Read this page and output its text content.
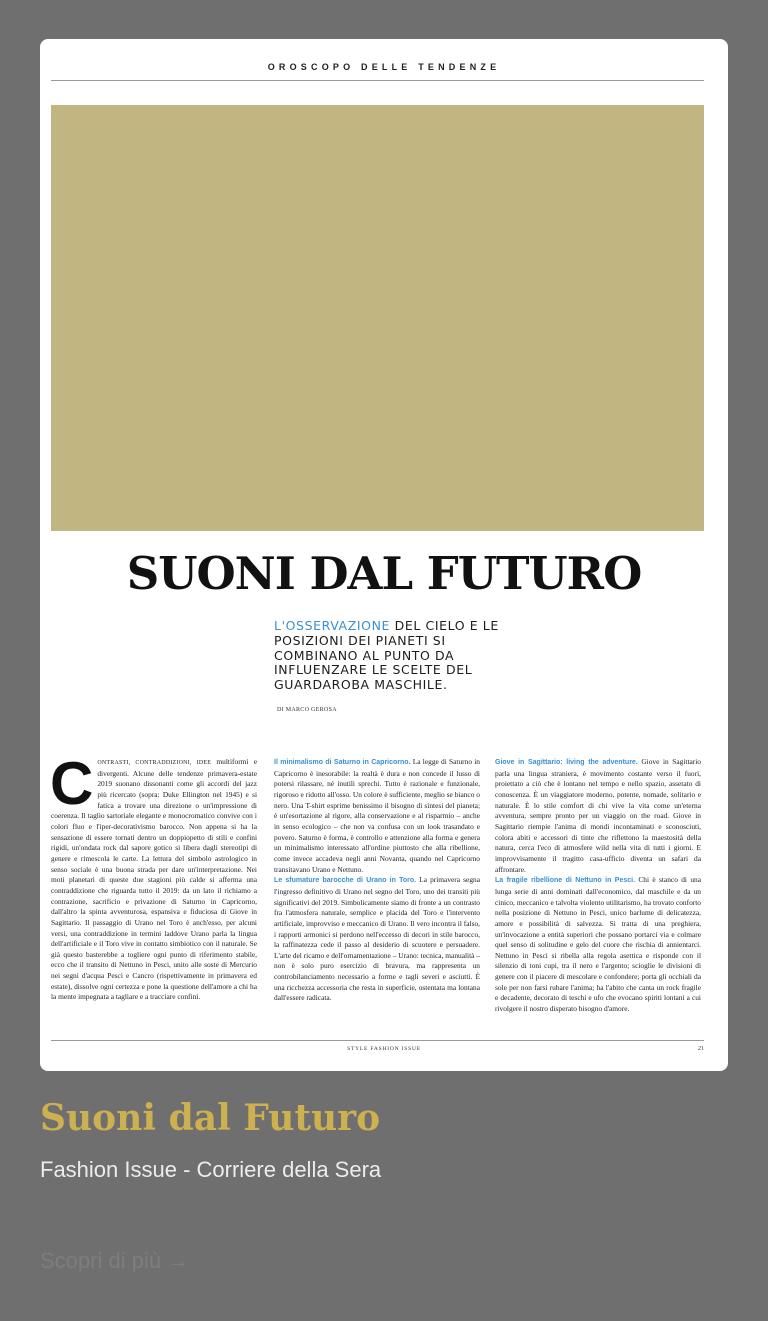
OROSCOPO DELLE TENDENZE
SUONI DAL FUTURO
L'OSSERVAZIONE DEL CIELO E LE POSIZIONI DEI PIANETI SI COMBINANO AL PUNTO DA INFLUENZARE LE SCELTE DEL GUARDAROBA MASCHILE.
DI MARCO GEROSA

CONTRASTI, CONTRADDIZIONI, IDEE multiformi e divergenti. Alcune delle tendenze primavera-estate 2019 suonano dissonanti come gli accordi del jazz più ricercato (sopra: Duke Ellington nel 1945) e si fatica a trovare una direzione o un'impressione di coerenza. Il taglio sartoriale elegante e monocromatico convive con i colori fluo e l'iper-decorativismo barocco. Non appena si ha la sensazione di essere tornati dentro un doppiopetto di stili e confini rigidi, un'ondata rock dal sapore gotico si libera dagli stereotipi di genere e rimescola le carte. La lettura del simbolo astrologico in senso sociale è una buona strada per dare un'interpretazione. Nei moti planetari di queste due stagioni più calde si afferma una contraddizione che riguarda tutto il 2019: da un lato il richiamo a contrazione, sacrificio e privazione di Saturno in Capricorno, dall'altro la spinta avventurosa, espansiva e fiduciosa di Giove in Sagittario. Il passaggio di Urano nel Toro è anch'esso, per alcuni versi, una contraddizione in termini laddove Urano parla la lingua dell'artificiale e il Toro vive in contatto simbiotico con il naturale. Se già questo basterebbe a togliere ogni punto di riferimento stabile, ecco che il transito di Nettuno in Pesci, unito alle soste di Mercurio nei segni d'acqua Pesci e Cancro (rispettivamente in primavera ed estate), dissolve ogni certezza e pone la questione dell'amore a chi ha la mente impegnata a tagliare e a tracciare confini.

Il minimalismo di Saturno in Capricorno. La legge di Saturno in Capricorno è inesorabile: la realtà è dura e non concede il lusso di potersi rilassare, né inutili sprechi. Tutto è razionale e funzionale, rigoroso e ridotto all'osso. Un colore è sufficiente, meglio se bianco o nero. Una T-shirt esprime benissimo il bisogno di sintesi del pianeta; è un'esortazione al rigore, alla conservazione e al risparmio – anche in senso ecologico – che non va confusa con un look trasandato e povero. Saturno è forma, è controllo e attenzione alla forma e genera un minimalismo interessato all'ordine piuttosto che alla ribellione, come invece accadeva negli anni Novanta, quando nel Capricorno transitavano Urano e Nettuno.

Le sfumature barocche di Urano in Toro. La primavera segna l'ingresso definitivo di Urano nel segno del Toro, uno dei transiti più significativi del 2019. Simbolicamente siamo di fronte a un contrasto fra l'atmosfera naturale, semplice e placida del Toro e l'intervento artificiale, improvviso e meccanico di Urano. Il vero incontra il falso, i rapporti armonici si perdono nell'eccesso di decori in stile barocco, la raffinatezza cede il passo al desiderio di scuotere e persuadere. L'arte del ricamo e dell'ornamentazione – Urano: tecnica, manualità – non è solo puro esercizio di bravura, ma rappresenta un controbilanciamento necessario a forme e tagli severi e asciutti. È una ricchezza accessoria che resta in superficie, ostentata ma lontana dall'essere radicata.

Giove in Sagittario: living the adventure. Giove in Sagittario parla una lingua straniera, è movimento costante verso il fuori, proiettato a ciò che è lontano nel tempo e nello spazio, assetato di conoscenza. È un viaggiatore moderno, potente, nomade, solitario e naturale. È lo stile comfort di chi vive la vita come un'eterna avventura, sempre pronto per un viaggio on the road. Giove in Sagittario riempie l'anima di mondi incontaminati e sconosciuti, colora abiti e accessori di tinte che riflettono la maestosità della natura, cerca l'eco di atmosfere wild nella vita di tutti i giorni. E improvvisamente il tragitto casa-ufficio diventa un safari da affrontare.

La fragile ribellione di Nettuno in Pesci. Chi è stanco di una lunga serie di anni dominati dall'economico, dal maschile e da un cinico, meccanico e talvolta violento utilitarismo, ha trovato conforto nella posizione di Nettuno in Pesci, unico barlume di delicatezza, amore e possibilità di salvezza. Si tratta di una preghiera, un'invocazione a entità superiori che possano portarci via e colmare quel senso di solitudine e gelo del cuore che rischia di annientarci. Nettuno in Pesci si ribella alla regola asettica e risponde con il silenzio di toni cupi, tra il nero e l'argento; scioglie le divisioni di genere con il piacere di mescolare e confondere; porta gli occhiali da sole per non farsi rubare l'anima; ha l'abito che canta un rock fragile e decadente, decorato di teschi e ufo che evocano spiriti lontani a cui rivolgere il nostro disperato bisogno d'amore.

STYLE FASHION ISSUE	21
Suoni dal Futuro
Fashion Issue - Corriere della Sera
Scopri di più →
